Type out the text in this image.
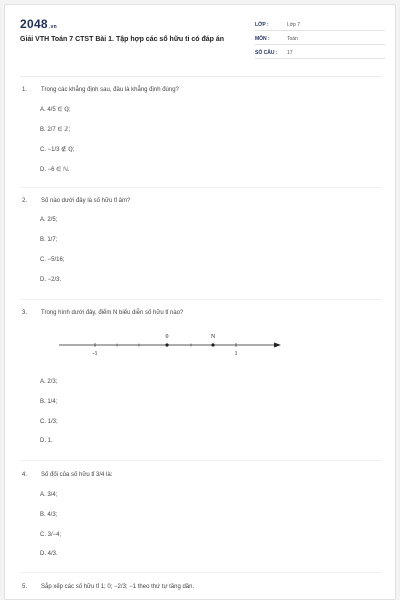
2048.vn
Giải VTH Toán 7 CTST Bài 1. Tập hợp các số hữu tỉ có đáp án
LỚP :	Lớp 7
MÔN :	Toán
SỐ CÂU : 17
1.	Trong các khẳng định sau, đâu là khẳng định đúng?
A. 4/5 ∈ ℚ;
B. 2/7 ∈ ℤ;
C. −1/3 ∉ ℚ;
D. −6 ∈ ℕ.
2.	Số nào dưới đây là số hữu tỉ âm?
A. 2/5;
B. 1/7;
C. −5/16;
D. −2/3.
3.	Trong hình dưới đây, điểm N biểu diễn số hữu tỉ nào?
0	N
-1	1
A. 2/3;
B. 1/4;
C. 1/3;
D. 1.
4.	Số đối của số hữu tỉ 3/4 là:
A. 3/4;
B. 4/3;
C. 3/−4;
D. 4/3.
5.	Sắp xếp các số hữu tỉ 1; 0; −2/3; −1 theo thứ tự tăng dần.
